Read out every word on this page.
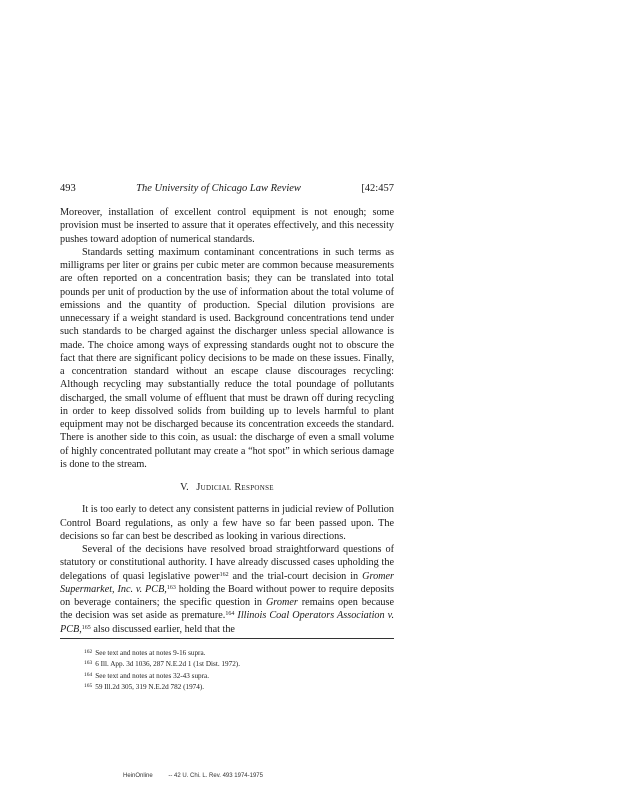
493	The University of Chicago Law Review	[42:457

Moreover, installation of excellent control equipment is not enough; some provision must be inserted to assure that it operates effectively, and this necessity pushes toward adoption of numerical standards.

Standards setting maximum contaminant concentrations in such terms as milligrams per liter or grains per cubic meter are common because measurements are often reported on a concentration basis; they can be translated into total pounds per unit of production by the use of information about the total volume of emissions and the quantity of production. Special dilution provisions are unnecessary if a weight standard is used. Background concentrations tend under such standards to be charged against the discharger unless special allowance is made. The choice among ways of expressing standards ought not to obscure the fact that there are significant policy decisions to be made on these issues. Finally, a concentration standard without an escape clause discourages recycling: Although recycling may substantially reduce the total poundage of pollutants discharged, the small volume of effluent that must be drawn off during recycling in order to keep dissolved solids from building up to levels harmful to plant equipment may not be discharged because its concentration exceeds the standard. There is another side to this coin, as usual: the discharge of even a small volume of highly concentrated pollutant may create a “hot spot” in which serious damage is done to the stream.

V. Judicial Response

It is too early to detect any consistent patterns in judicial review of Pollution Control Board regulations, as only a few have so far been passed upon. The decisions so far can best be described as looking in various directions.

Several of the decisions have resolved broad straightforward questions of statutory or constitutional authority. I have already discussed cases upholding the delegations of quasi legislative power$^{162}$ and the trial-court decision in Gromer Supermarket, Inc. v. PCB,$^{163}$ holding the Board without power to require deposits on beverage containers; the specific question in Gromer remains open because the decision was set aside as premature.$^{164}$ Illinois Coal Operators Association v. PCB,$^{165}$ also discussed earlier, held that the

$^{162}$ See text and notes at notes 9-16 supra.
$^{163}$ 6 Ill. App. 3d 1036, 287 N.E.2d 1 (1st Dist. 1972).
$^{164}$ See text and notes at notes 32-43 supra.
$^{165}$ 59 Ill.2d 305, 319 N.E.2d 782 (1974).
HeinOnline	-- 42 U. Chi. L. Rev. 493 1974-1975
